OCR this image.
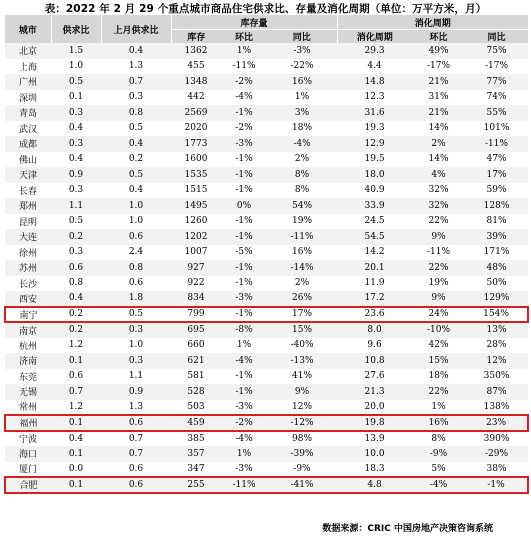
表：2022 年 2 月 29 个重点城市商品住宅供求比、存量及消化周期（单位：万平方米，月）
城市	供求比	上月供求比	库存量			消化周期		
			库存	环比	同比	消化周期	环比	同比
北京	1.5	0.4	1362	1%	-3%	29.3	49%	75%
上海	1.0	1.3	455	-11%	-22%	4.4	-17%	-17%
广州	0.5	0.7	1348	-2%	16%	14.8	21%	77%
深圳	0.1	0.3	442	-4%	1%	12.3	31%	74%
青岛	0.3	0.8	2569	-1%	3%	31.6	21%	55%
武汉	0.4	0.5	2020	-2%	18%	19.3	14%	101%
成都	0.3	0.4	1773	-3%	-4%	12.9	2%	-11%
佛山	0.4	0.2	1600	-1%	2%	19.5	14%	47%
天津	0.9	0.5	1535	-1%	8%	18.0	4%	17%
长春	0.3	0.4	1515	-1%	8%	40.9	32%	59%
郑州	1.1	1.0	1495	0%	54%	33.9	32%	128%
昆明	0.5	1.0	1260	-1%	19%	24.5	22%	81%
大连	0.2	0.6	1202	-1%	-11%	54.5	9%	39%
徐州	0.3	2.4	1007	-5%	16%	14.2	-11%	171%
苏州	0.6	0.8	927	-1%	-14%	20.1	22%	48%
长沙	0.8	0.6	922	-1%	2%	11.9	19%	50%
西安	0.4	1.8	834	-3%	26%	17.2	9%	129%
南宁	0.2	0.5	799	-1%	17%	23.6	24%	154%
南京	0.2	0.3	695	-8%	15%	8.0	-10%	13%
杭州	1.2	1.0	660	1%	-40%	9.6	42%	28%
济南	0.1	0.3	621	-4%	-13%	10.8	15%	12%
东莞	0.6	1.1	581	-1%	41%	27.6	18%	350%
无锡	0.7	0.9	528	-1%	9%	21.3	22%	87%
常州	1.2	1.3	503	-3%	12%	20.0	1%	138%
福州	0.1	0.6	459	-2%	-12%	19.8	16%	23%
宁波	0.4	0.7	385	-4%	98%	13.9	8%	390%
海口	0.1	0.7	357	1%	-39%	10.0	-9%	-29%
厦门	0.0	0.6	347	-3%	-9%	18.3	5%	38%
合肥	0.1	0.6	255	-11%	-41%	4.8	-4%	-1%
数据来源：CRIC 中国房地产决策咨询系统
